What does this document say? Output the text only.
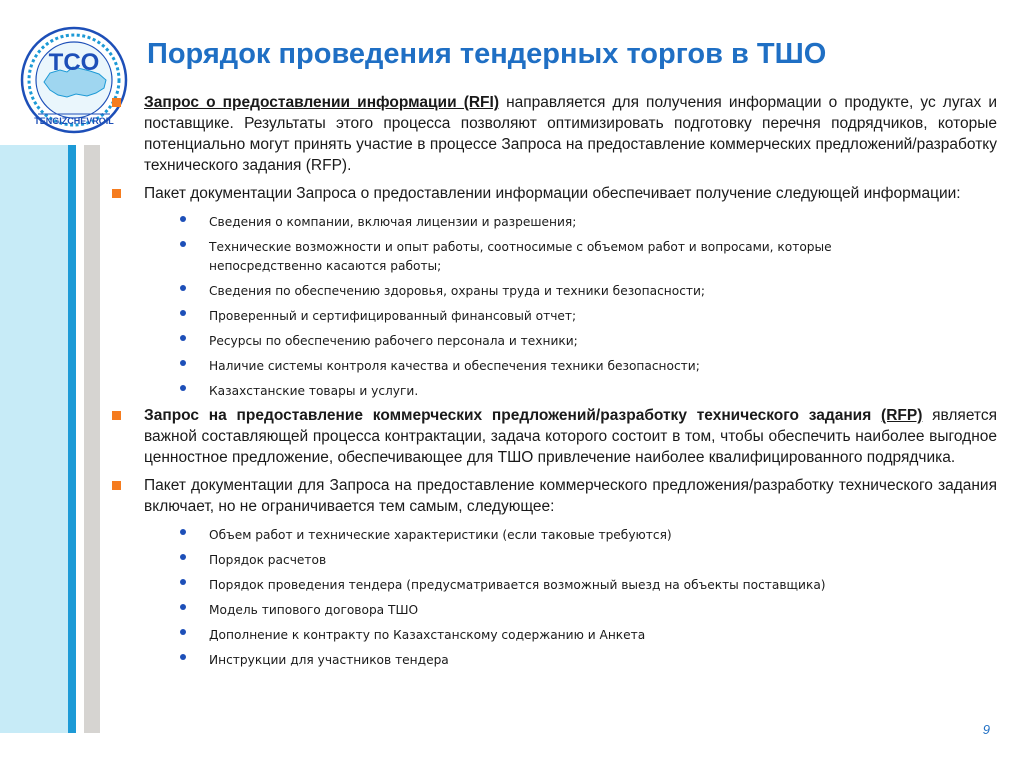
TCO
TENGIZCHEVROIL
Порядок проведения тендерных торгов в ТШО
Запрос о предоставлении информации (RFI) направляется для получения информации о продукте, ус лугах и поставщике. Результаты этого процесса позволяют оптимизировать подготовку перечня подрядчиков, которые потенциально могут принять участие в процессе Запроса на предоставление коммерческих предложений/разработку технического задания (RFP).
Пакет документации Запроса о предоставлении информации обеспечивает получение следующей информации:
Сведения о компании, включая лицензии и разрешения;
Технические возможности и опыт работы, соотносимые с объемом работ и вопросами, которые
непосредственно касаются работы;
Сведения по обеспечению здоровья, охраны труда и техники безопасности;
Проверенный и сертифицированный финансовый отчет;
Ресурсы по обеспечению рабочего персонала и техники;
Наличие системы контроля качества и обеспечения техники безопасности;
Казахстанские товары и услуги.
Запрос на предоставление коммерческих предложений/разработку технического задания (RFP) является важной составляющей процесса контрактации, задача которого состоит в том, чтобы обеспечить наиболее выгодное ценностное предложение, обеспечивающее для ТШО привлечение наиболее квалифицированного подрядчика.
Пакет документации для Запроса на предоставление коммерческого предложения/разработку технического задания включает, но не ограничивается тем самым, следующее:
Объем работ и технические характеристики (если таковые требуются)
Порядок расчетов
Порядок проведения тендера (предусматривается возможный выезд на объекты поставщика)
Модель типового договора ТШО
Дополнение к контракту по Казахстанскому содержанию и Анкета
Инструкции для участников тендера
9
